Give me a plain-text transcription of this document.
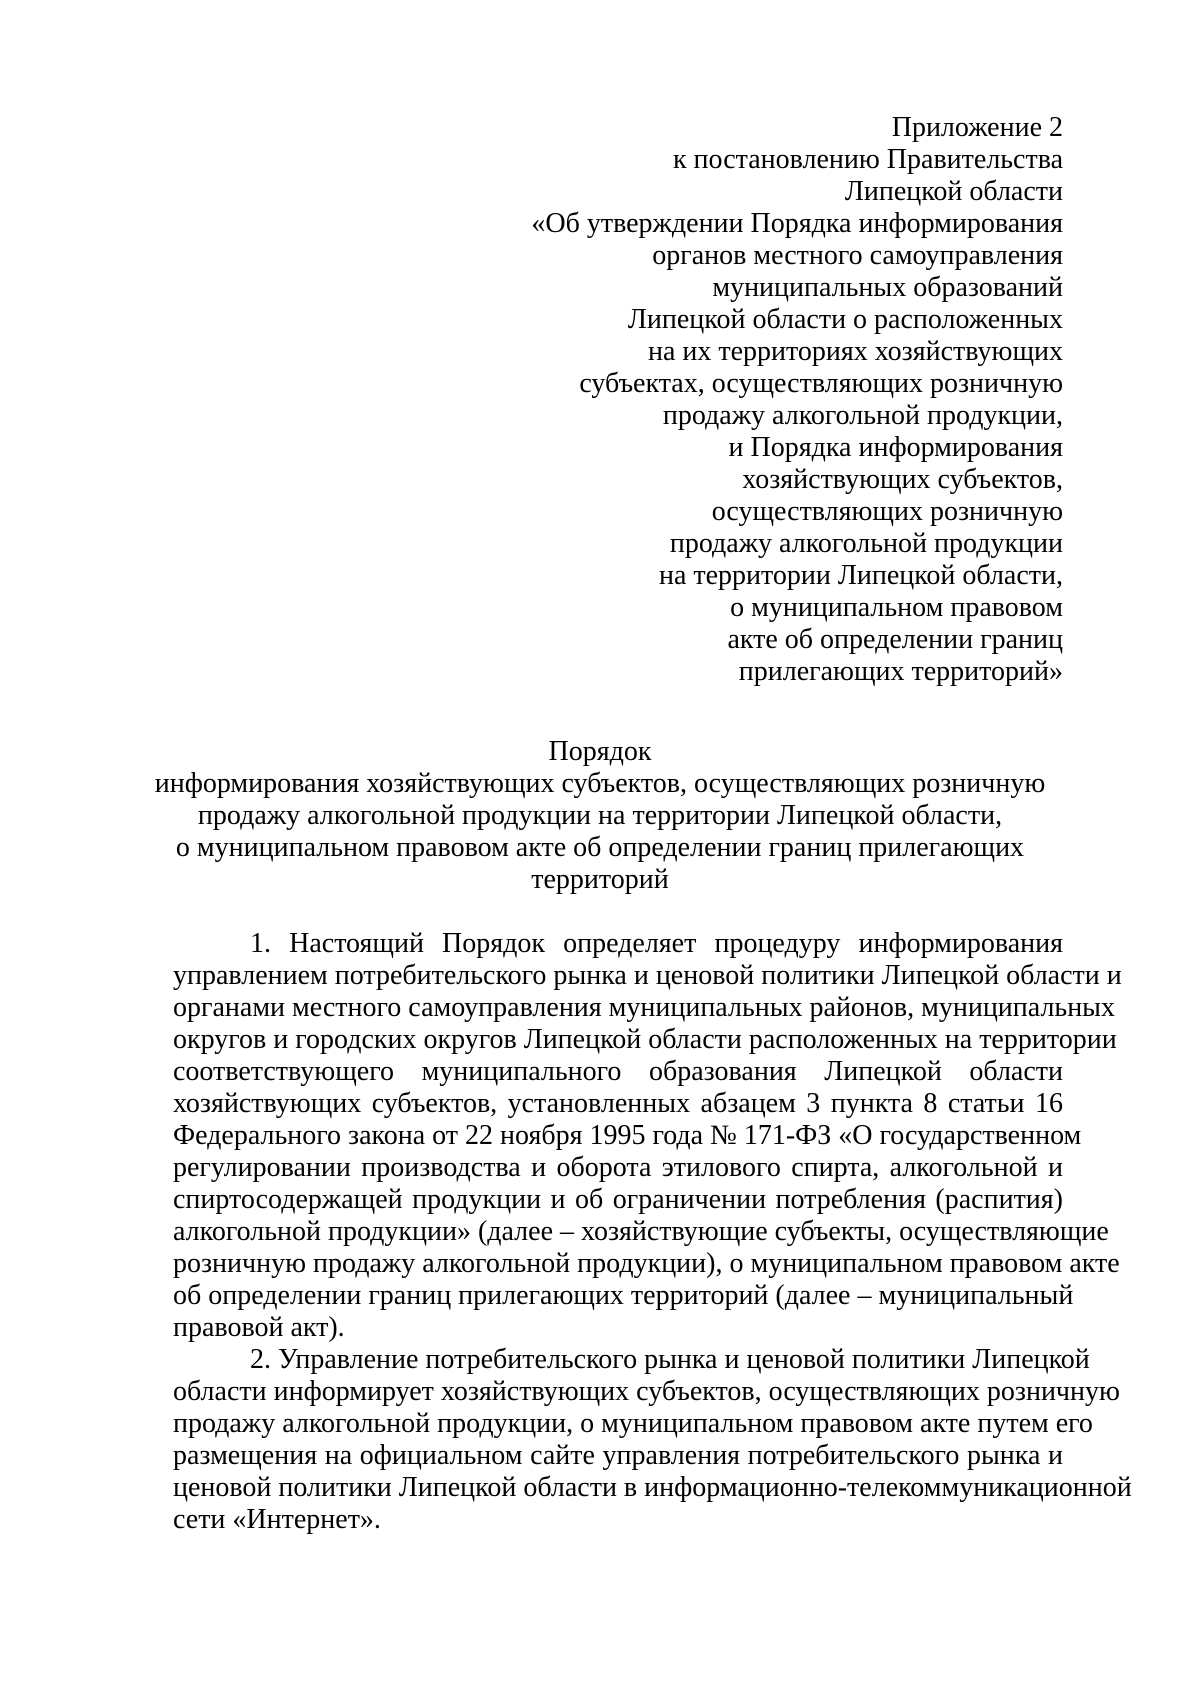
Приложение 2
к постановлению Правительства
Липецкой области
«Об утверждении Порядка информирования
органов местного самоуправления
муниципальных образований
Липецкой области о расположенных
на их территориях хозяйствующих
субъектах, осуществляющих розничную
продажу алкогольной продукции,
и Порядка информирования
хозяйствующих субъектов,
осуществляющих розничную
продажу алкогольной продукции
на территории Липецкой области,
о муниципальном правовом
акте об определении границ
прилегающих территорий»
Порядок
информирования хозяйствующих субъектов, осуществляющих розничную
продажу алкогольной продукции на территории Липецкой области,
о муниципальном правовом акте об определении границ прилегающих
территорий
1. Настоящий Порядок определяет процедуру информирования
управлением потребительского рынка и ценовой политики Липецкой области и
органами местного самоуправления муниципальных районов, муниципальных
округов и городских округов Липецкой области расположенных на территории
соответствующего муниципального образования Липецкой области
хозяйствующих субъектов, установленных абзацем 3 пункта 8 статьи 16
Федерального закона от 22 ноября 1995 года № 171-ФЗ «О государственном
регулировании производства и оборота этилового спирта, алкогольной и
спиртосодержащей продукции и об ограничении потребления (распития)
алкогольной продукции» (далее – хозяйствующие субъекты, осуществляющие
розничную продажу алкогольной продукции), о муниципальном правовом акте
об определении границ прилегающих территорий (далее – муниципальный
правовой акт).
2. Управление потребительского рынка и ценовой политики Липецкой
области информирует хозяйствующих субъектов, осуществляющих розничную
продажу алкогольной продукции, о муниципальном правовом акте путем его
размещения на официальном сайте управления потребительского рынка и
ценовой политики Липецкой области в информационно-телекоммуникационной
сети «Интернет».
